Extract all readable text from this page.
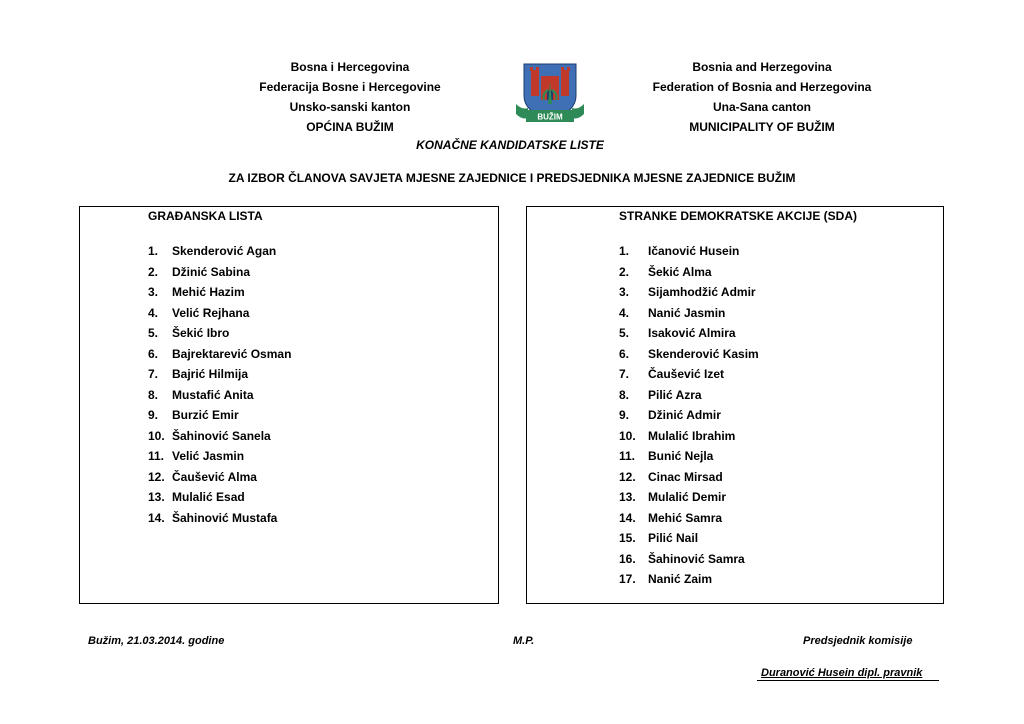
Bosna i Hercegovina
Federacija Bosne i Hercegovine
Unsko-sanski kanton
OPĆINA BUŽIM
BUŽIM
Bosnia and Herzegovina
Federation of Bosnia and Herzegovina
Una-Sana canton
MUNICIPALITY OF BUŽIM
KONAČNE KANDIDATSKE LISTE
ZA IZBOR ČLANOVA SAVJETA MJESNE ZAJEDNICE I PREDSJEDNIKA MJESNE ZAJEDNICE BUŽIM
GRAĐANSKA LISTA
1.	Skenderović Agan
2.	Džinić Sabina
3.	Mehić Hazim
4.	Velić Rejhana
5.	Šekić Ibro
6.	Bajrektarević Osman
7.	Bajrić Hilmija
8.	Mustafić Anita
9.	Burzić Emir
10. Šahinović Sanela
11. Velić Jasmin
12. Čaušević Alma
13. Mulalić Esad
14. Šahinović Mustafa
STRANKE DEMOKRATSKE AKCIJE (SDA)
1.	Ičanović Husein
2.	Šekić Alma
3.	Sijamhodžić Admir
4.	Nanić Jasmin
5.	Isaković Almira
6.	Skenderović Kasim
7.	Čaušević Izet
8.	Pilić Azra
9.	Džinić Admir
10.	Mulalić Ibrahim
11.	Bunić Nejla
12.	Cinac Mirsad
13.	Mulalić Demir
14.	Mehić Samra
15.	Pilić Nail
16.	Šahinović Samra
17.	Nanić Zaim
Bužim, 21.03.2014. godine	M.P.	Predsjednik komisije
Duranović Husein dipl. pravnik
